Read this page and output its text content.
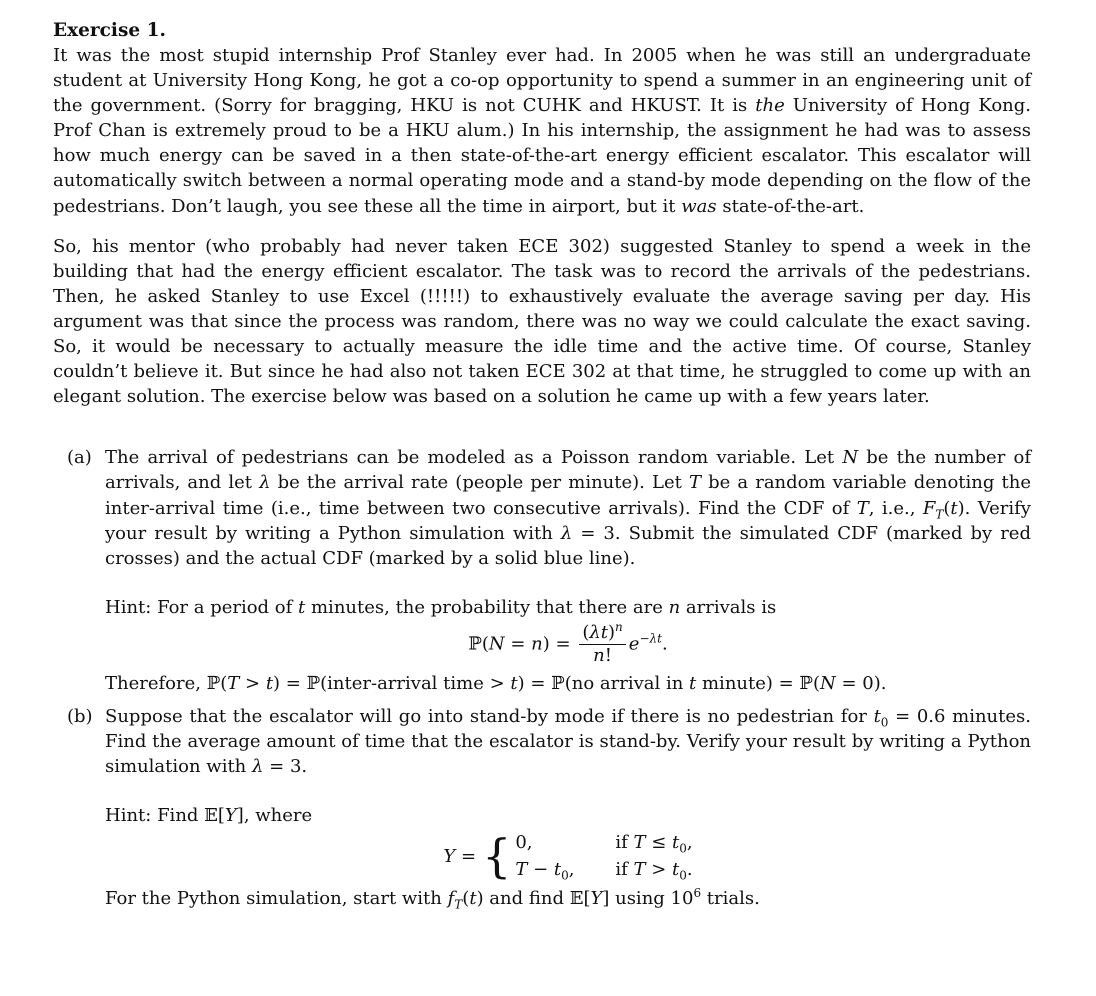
Exercise 1.

It was the most stupid internship Prof Stanley ever had. In 2005 when he was still an undergraduate student at University Hong Kong, he got a co-op opportunity to spend a summer in an engineering unit of the government. (Sorry for bragging, HKU is not CUHK and HKUST. It is the University of Hong Kong. Prof Chan is extremely proud to be a HKU alum.) In his internship, the assignment he had was to assess how much energy can be saved in a then state-of-the-art energy efficient escalator. This escalator will automatically switch between a normal operating mode and a stand-by mode depending on the flow of the pedestrians. Don’t laugh, you see these all the time in airport, but it was state-of-the-art.

So, his mentor (who probably had never taken ECE 302) suggested Stanley to spend a week in the building that had the energy efficient escalator. The task was to record the arrivals of the pedestrians. Then, he asked Stanley to use Excel (!!!!!) to exhaustively evaluate the average saving per day. His argument was that since the process was random, there was no way we could calculate the exact saving. So, it would be necessary to actually measure the idle time and the active time. Of course, Stanley couldn’t believe it. But since he had also not taken ECE 302 at that time, he struggled to come up with an elegant solution. The exercise below was based on a solution he came up with a few years later.

(a) The arrival of pedestrians can be modeled as a Poisson random variable. Let N be the number of arrivals, and let λ be the arrival rate (people per minute). Let T be a random variable denoting the inter-arrival time (i.e., time between two consecutive arrivals). Find the CDF of T, i.e., $F_T(t)$. Verify your result by writing a Python simulation with λ = 3. Submit the simulated CDF (marked by red crosses) and the actual CDF (marked by a solid blue line).

Hint: For a period of t minutes, the probability that there are n arrivals is

ℙ(N = $n) = \frac{(\lambda t)^n}{n!} e^{-\lambda t}$.

Therefore, ℙ(T > t) = ℙ(inter-arrival time > t) = ℙ(no arrival in t minute) = ℙ(N = 0).

(b) Suppose that the escalator will go into stand-by mode if there is no pedestrian for $t_0 = 0.6$ minutes. Find the average amount of time that the escalator is stand-by. Verify your result by writing a Python simulation with λ = 3.

Hint: Find 𝔼[Y], where

Y = { 0,	if $T \le t_0$,
$T - t_0$,	if $T > t_0$.

For the Python simulation, start with $f_T(t)$ and find 𝔼[Y] using $10^6$ trials.
